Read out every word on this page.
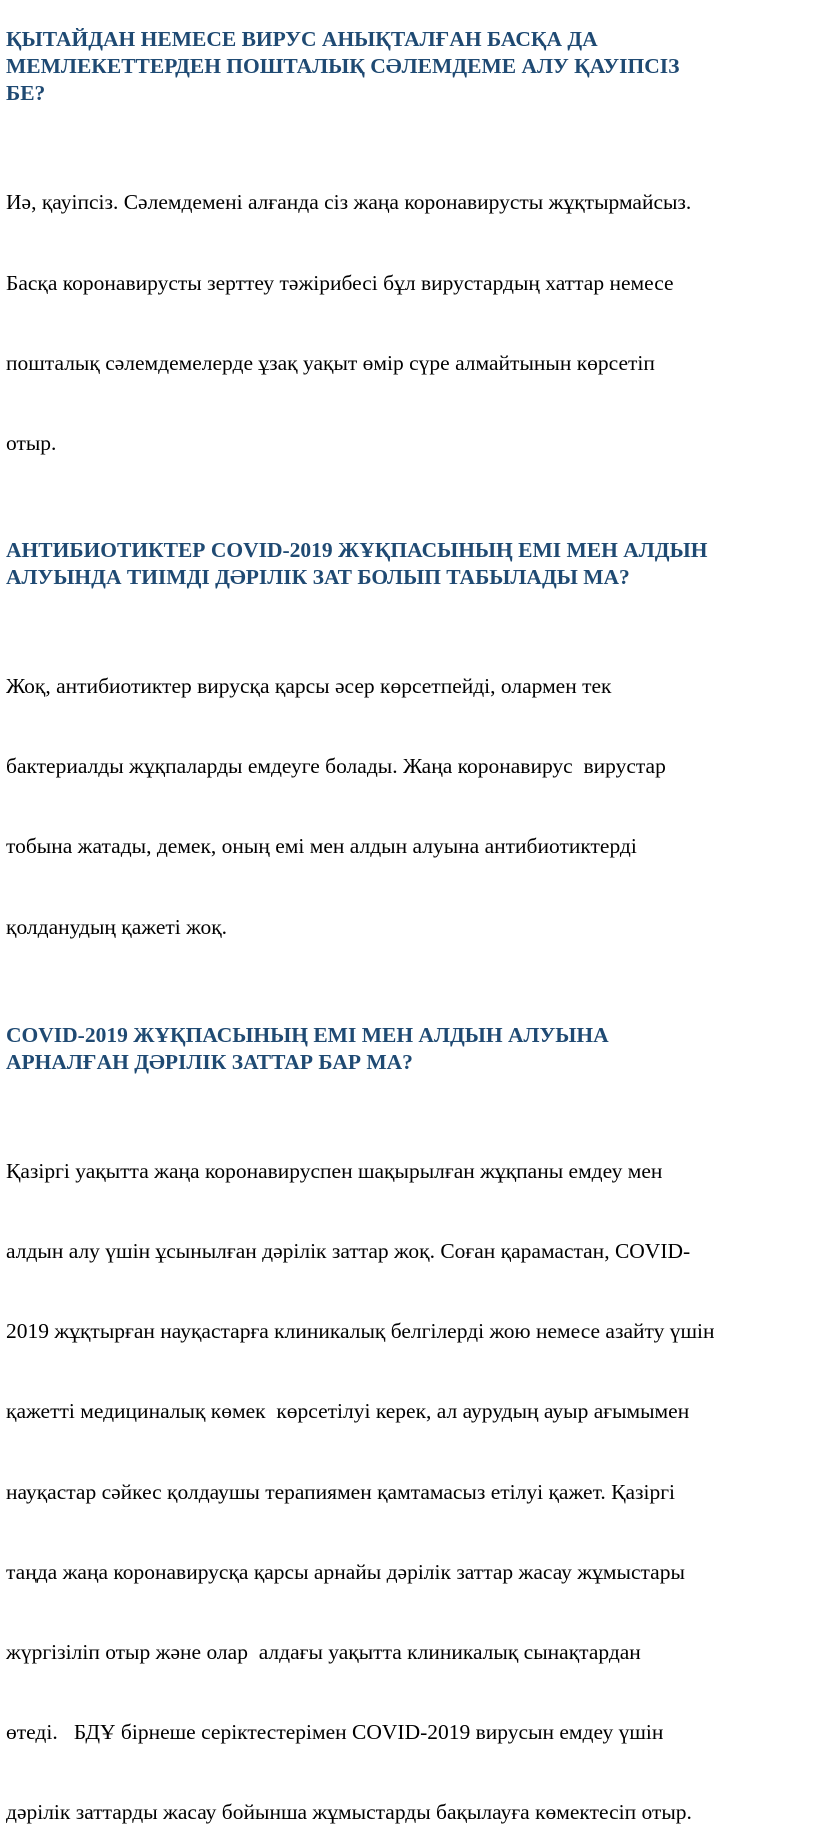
ҚЫТАЙДАН НЕМЕСЕ ВИРУС АНЫҚТАЛҒАН БАСҚА ДА
МЕМЛЕКЕТТЕРДЕН ПОШТАЛЫҚ СӘЛЕМДЕМЕ АЛУ ҚАУІПСІЗ
БЕ?

Иә, қауіпсіз. Сәлемдемені алғанда сіз жаңа коронавирусты жұқтырмайсыз.

Басқа коронавирусты зерттеу тәжірибесі бұл вирустардың хаттар немесе

пошталық сәлемдемелерде ұзақ уақыт өмір сүре алмайтынын көрсетіп

отыр.

АНТИБИОТИКТЕР COVID-2019 ЖҰҚПАСЫНЫҢ ЕМІ МЕН АЛДЫН
АЛУЫНДА ТИІМДІ ДӘРІЛІК ЗАТ БОЛЫП ТАБЫЛАДЫ МА?

Жоқ, антибиотиктер вирусқа қарсы әсер көрсетпейді, олармен тек

бактериалды жұқпаларды емдеуге болады. Жаңа коронавирус  вирустар

тобына жатады, демек, оның емі мен алдын алуына антибиотиктерді

қолданудың қажеті жоқ.

COVID-2019 ЖҰҚПАСЫНЫҢ ЕМІ МЕН АЛДЫН АЛУЫНА
АРНАЛҒАН ДӘРІЛІК ЗАТТАР БАР МА?

Қазіргі уақытта жаңа коронавируспен шақырылған жұқпаны емдеу мен

алдын алу үшін ұсынылған дәрілік заттар жоқ. Соған қарамастан, COVID-

2019 жұқтырған науқастарға клиникалық белгілерді жою немесе азайту үшін

қажетті медициналық көмек  көрсетілуі керек, ал аурудың ауыр ағымымен

науқастар сәйкес қолдаушы терапиямен қамтамасыз етілуі қажет. Қазіргі

таңда жаңа коронавирусқа қарсы арнайы дәрілік заттар жасау жұмыстары

жүргізіліп отыр және олар  алдағы уақытта клиникалық сынақтардан

өтеді.   БДҰ бірнеше серіктестерімен COVID-2019 вирусын емдеу үшін

дәрілік заттарды жасау бойынша жұмыстарды бақылауға көмектесіп отыр.
